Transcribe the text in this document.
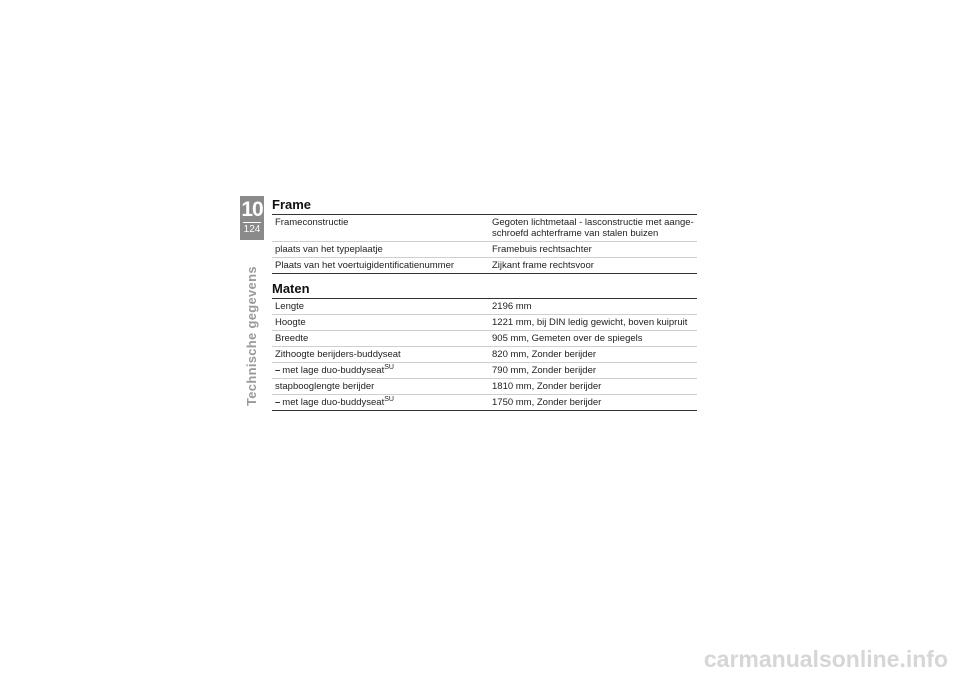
10
124
Technische gegevens
Frame
Frameconstructie	Gegoten lichtmetaal - lasconstructie met aange-
schroefd achterframe van stalen buizen
plaats van het typeplaatje	Framebuis rechtsachter
Plaats van het voertuigidentificatienummer	Zijkant frame rechtsvoor
Maten
Lengte	2196 mm
Hoogte	1221 mm, bij DIN ledig gewicht, boven kuipruit
Breedte	905 mm, Gemeten over de spiegels
Zithoogte berijders-buddyseat	820 mm, Zonder berijder
– met lage duo-buddyseat$^{SU}$	790 mm, Zonder berijder
stapbooglengte berijder	1810 mm, Zonder berijder
– met lage duo-buddyseat$^{SU}$	1750 mm, Zonder berijder
carmanualsonline.info
